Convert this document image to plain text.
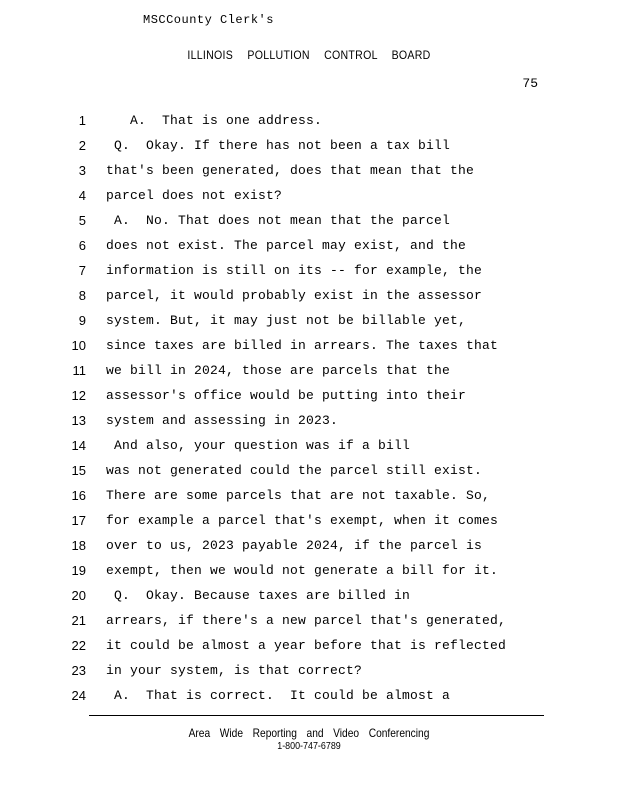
MSCCounty Clerk's
ILLINOIS POLLUTION CONTROL BOARD
75
1 A.  That is one address.
2 Q.  Okay. If there has not been a tax bill
3 that's been generated, does that mean that the
4 parcel does not exist?
5 A.  No. That does not mean that the parcel
6 does not exist. The parcel may exist, and the
7 information is still on its -- for example, the
8 parcel, it would probably exist in the assessor
9 system. But, it may just not be billable yet,
10 since taxes are billed in arrears. The taxes that
11 we bill in 2024, those are parcels that the
12 assessor's office would be putting into their
13 system and assessing in 2023.
14 And also, your question was if a bill
15 was not generated could the parcel still exist.
16 There are some parcels that are not taxable. So,
17 for example a parcel that's exempt, when it comes
18 over to us, 2023 payable 2024, if the parcel is
19 exempt, then we would not generate a bill for it.
20 Q.  Okay. Because taxes are billed in
21 arrears, if there's a new parcel that's generated,
22 it could be almost a year before that is reflected
23 in your system, is that correct?
24 A.  That is correct.  It could be almost a
Area Wide Reporting and Video Conferencing
1-800-747-6789
